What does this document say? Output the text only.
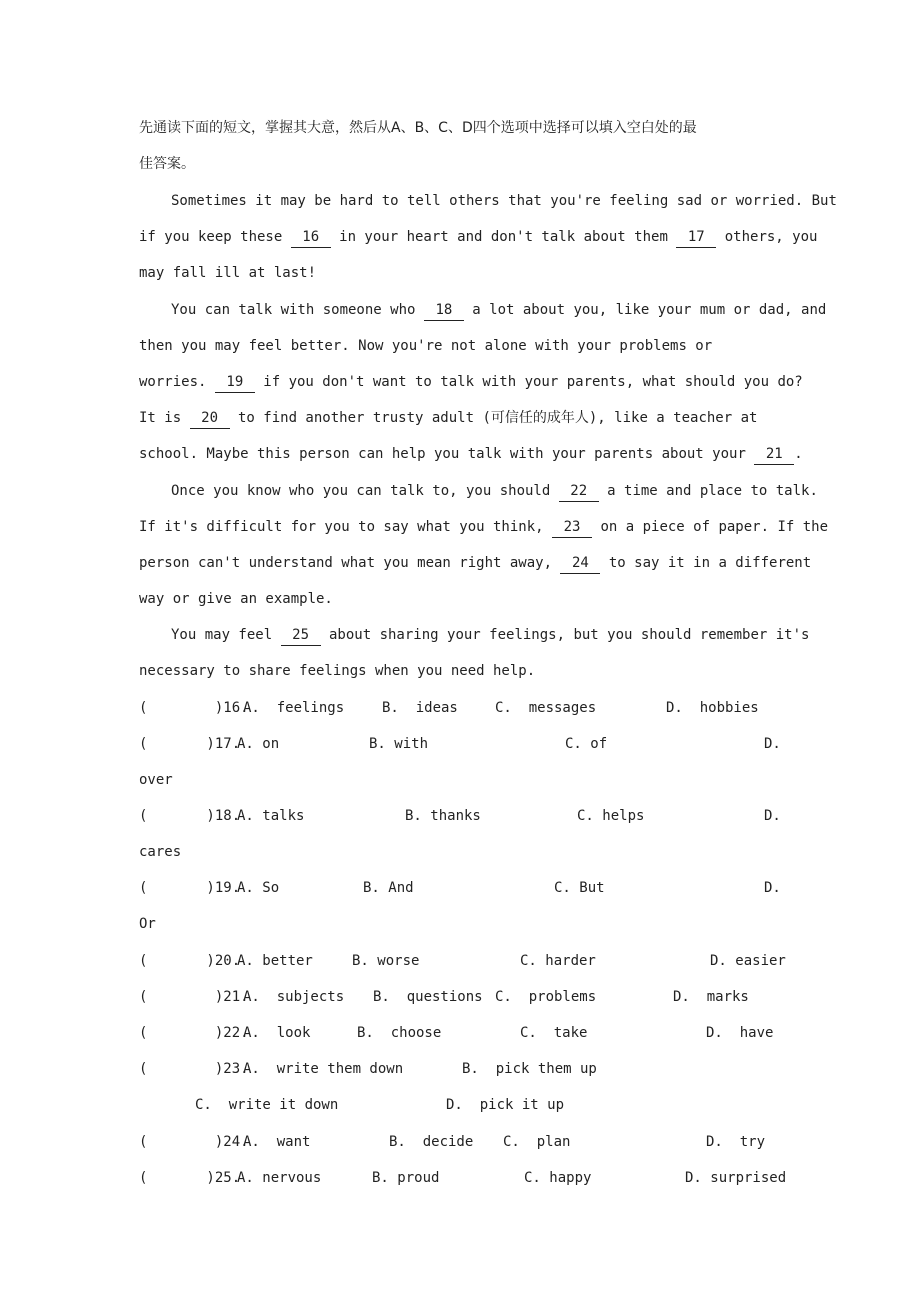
先通读下面的短文，掌握其大意，然后从A、B、C、D四个选项中选择可以填入空白处的最
佳答案。
Sometimes it may be hard to tell others that you're feeling sad or worried. But
if you keep these 16 in your heart and don't talk about them 17 others, you
may fall ill at last!
You can talk with someone who 18 a lot about you, like your mum or dad, and
then you may feel better. Now you're not alone with your problems or
worries. 19 if you don't want to talk with your parents, what should you do?
It is 20 to find another trusty adult (可信任的成年人), like a teacher at
school. Maybe this person can help you talk with your parents about your 21 .
Once you know who you can talk to, you should 22 a time and place to talk.
If it's difficult for you to say what you think, 23 on a piece of paper. If the
person can't understand what you mean right away, 24 to say it in a different
way or give an example.
You may feel 25 about sharing your feelings, but you should remember it's
necessary to share feelings when you need help.
(        )16.
A.  feelings	B.  ideas	C.  messages	D.  hobbies
(       )17.
A. on	B. with	C. of	D.
over
(       )18.
A. talks	B. thanks	C. helps	D.
cares
(       )19.
A. So	B. And	C. But	D.
Or
(       )20.
A. better	B. worse	C. harder	D. easier
(        )21.
A.  subjects B.  questions C.  problems	D.  marks
(        )22.
A.  look	B.  choose	C.  take	D.  have
(        )23.
A.  write them down	B.  pick them up
C.  write it down	D.  pick it up
(        )24.
A.  want	B.  decide C.  plan	D.  try
(       )25.
A. nervous	B. proud	C. happy	D. surprised
